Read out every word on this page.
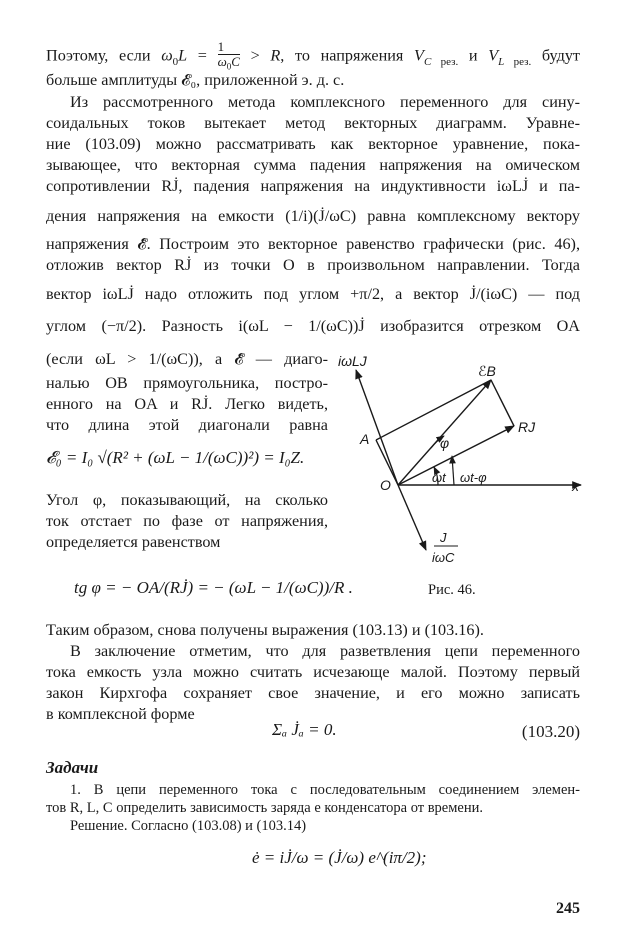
Поэтому, если $\omega_0L = \frac{1}{\omega_0C} > R$, то напряжения $V_{C рез.}$ и $V_{L рез.}$ будут
больше амплитуды 𝓔₀, приложенной э. д. с.
Из рассмотренного метода комплексного переменного для сину-
соидальных токов вытекает метод векторных диаграмм. Уравне-
ние (103.09) можно рассматривать как векторное уравнение, пока-
зывающее, что векторная сумма падения напряжения на омическом
сопротивлении RJ̇, падения напряжения на индуктивности iωLJ̇ и па-
дения напряжения на емкости (1/i)(J̇/ωC) равна комплексному вектору
напряжения 𝓔̇. Построим это векторное равенство графически (рис. 46),
отложив вектор RJ̇ из точки O в произвольном направлении. Тогда
вектор iωLJ̇ надо отложить под углом +π/2, а вектор J̇/(iωC) — под
углом (−π/2). Разность i(ωL − 1/(ωC))J̇ изобразится отрезком OA
(если ωL > 1/(ωC)), а 𝓔̇ — диаго-
налью OB прямоугольника, постро-
енного на OA и RJ̇. Легко видеть,
что длина этой диагонали равна
𝓔₀ = I₀ √(R² + (ωL − 1/(ωC))²) = I₀Z.
Угол φ, показывающий, на сколько
ток отстает по фазе от напряжения,
определяется равенством
tg φ = − OA/(RJ̇) = − (ωL − 1/(ωC))/R .
iωLJ
ℰB
RJ
A
O	x
φ
ωt ωt-φ
J
iωC
Рис. 46.
Таким образом, снова получены выражения (103.13) и (103.16).
В заключение отметим, что для разветвления цепи переменного
тока емкость узла можно считать исчезающе малой. Поэтому первый
закон Кирхгофа сохраняет свое значение, и его можно записать
в комплексной форме
Σₐ J̇ₐ = 0.	(103.20)
Задачи
1. В цепи переменного тока с последовательным соединением элемен-
тов R, L, C определить зависимость заряда e конденсатора от времени.
Решение. Согласно (103.08) и (103.14)
ė = iJ̇/ω = (J̇/ω) e^(iπ/2);
245
